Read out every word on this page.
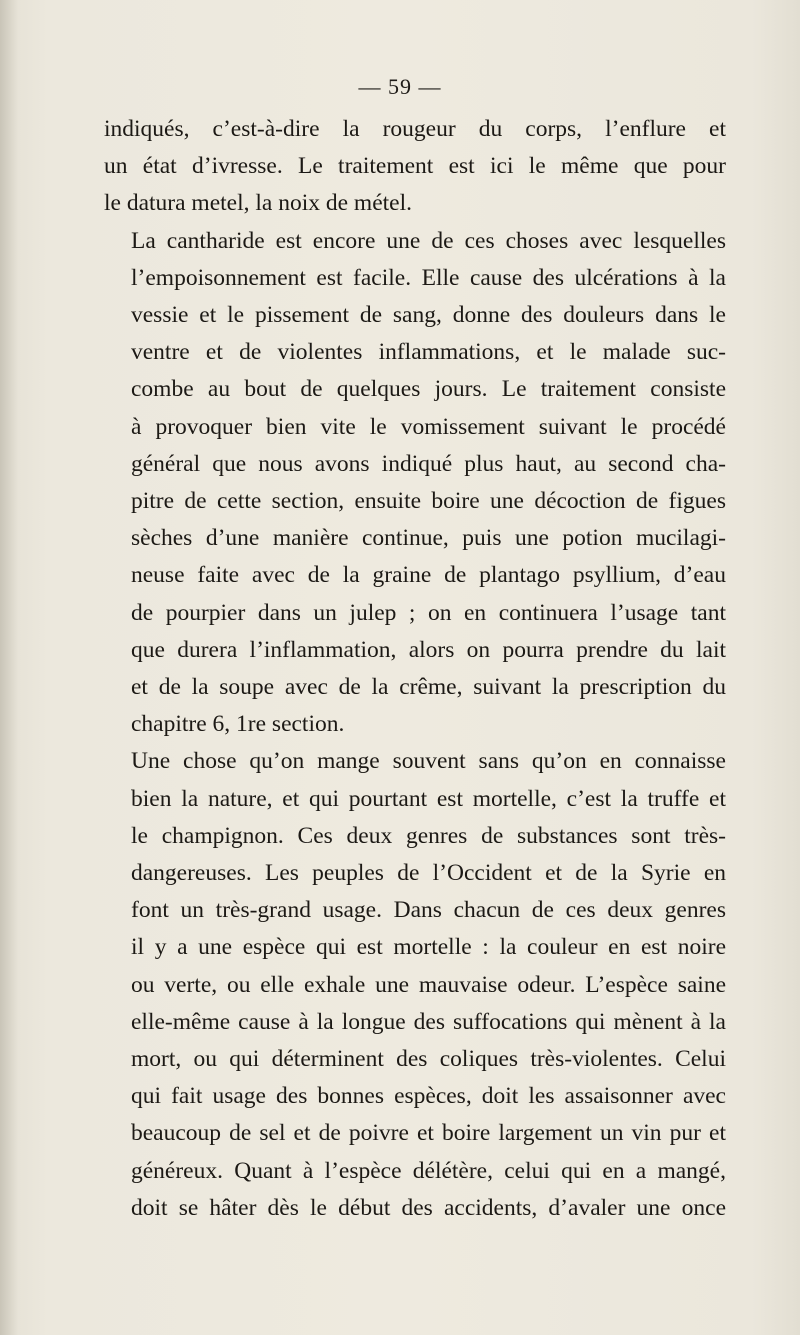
— 59 —

indiqués, c’est-à-dire la rougeur du corps, l’enflure et
un état d’ivresse. Le traitement est ici le même que pour
le datura metel, la noix de métel.

La cantharide est encore une de ces choses avec lesquelles
l’empoisonnement est facile. Elle cause des ulcérations à la
vessie et le pissement de sang, donne des douleurs dans le
ventre et de violentes inflammations, et le malade suc-
combe au bout de quelques jours. Le traitement consiste
à provoquer bien vite le vomissement suivant le procédé
général que nous avons indiqué plus haut, au second cha-
pitre de cette section, ensuite boire une décoction de figues
sèches d’une manière continue, puis une potion mucilagi-
neuse faite avec de la graine de plantago psyllium, d’eau
de pourpier dans un julep ; on en continuera l’usage tant
que durera l’inflammation, alors on pourra prendre du lait
et de la soupe avec de la crême, suivant la prescription du
chapitre 6, 1re section.

Une chose qu’on mange souvent sans qu’on en connaisse
bien la nature, et qui pourtant est mortelle, c’est la truffe et
le champignon. Ces deux genres de substances sont très-
dangereuses. Les peuples de l’Occident et de la Syrie en
font un très-grand usage. Dans chacun de ces deux genres
il y a une espèce qui est mortelle : la couleur en est noire
ou verte, ou elle exhale une mauvaise odeur. L’espèce saine
elle-même cause à la longue des suffocations qui mènent à la
mort, ou qui déterminent des coliques très-violentes. Celui
qui fait usage des bonnes espèces, doit les assaisonner avec
beaucoup de sel et de poivre et boire largement un vin pur et
généreux. Quant à l’espèce délétère, celui qui en a mangé,
doit se hâter dès le début des accidents, d’avaler une once
